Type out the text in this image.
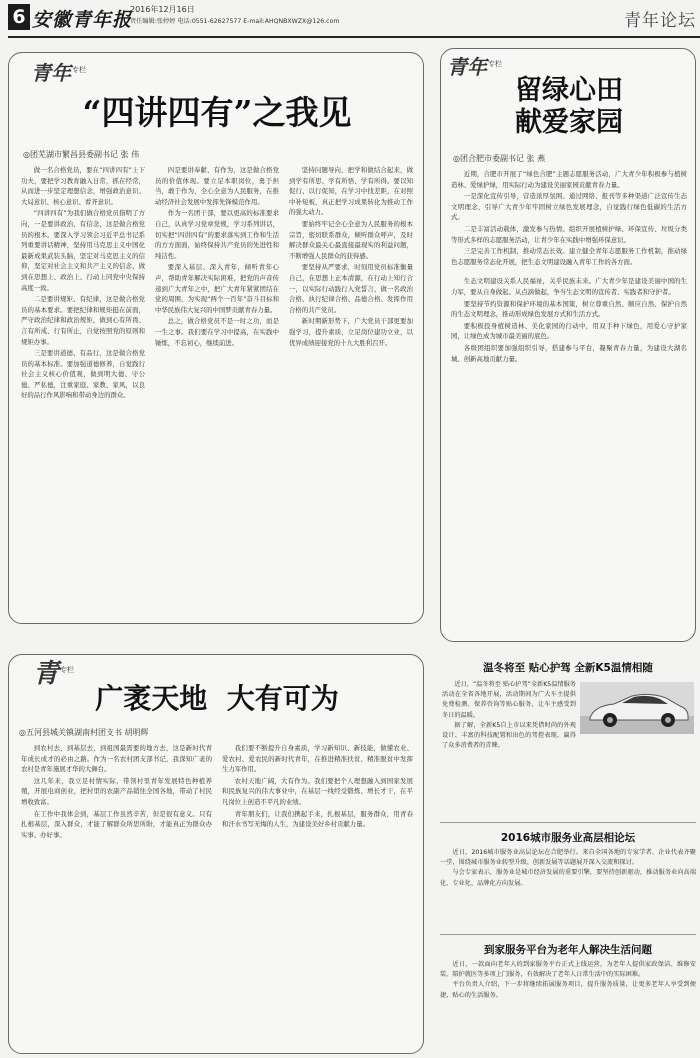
6 安徽青年报
2016年12月16日
责任编辑:张婷婷 电话:0551-62627577 E-mail:AHQNBXWZX@126.com	青年论坛
青年$^{专栏}$
“四讲四有”之我见
◎团芜湖市繁昌县委副书记 张 伟

做一名合格党员，要在“四讲四有”上下功夫，要把学习教育融入日常，抓在经常，从而进一步坚定理想信念，增强政治意识、大局意识、核心意识、看齐意识。

“四讲四有”为我们做合格党员指明了方向，一是要讲政治、有信念，这是做合格党员的根本。要深入学习领会习近平总书记系列重要讲话精神，坚持用马克思主义中国化最新成果武装头脑，坚定对马克思主义的信仰，坚定对社会主义和共产主义的信念，做到在思想上、政治上、行动上同党中央保持高度一致。

二是要讲规矩、有纪律，这是做合格党员的基本要求。要把纪律和规矩挺在前面，严守政治纪律和政治规矩，做到心有所畏、言有所戒、行有所止，自觉按照党的原则和规矩办事。

三是要讲道德、有品行，这是做合格党员的基本标准。要加强道德修养，自觉践行社会主义核心价值观，做到明大德、守公德、严私德，注重家庭、家教、家风，以良好的品行作风影响和带动身边的群众。

四是要讲奉献、有作为，这是做合格党员的价值体现。要立足本职岗位，勇于担当，敢于作为，全心全意为人民服务，在推动经济社会发展中发挥先锋模范作用。

作为一名团干部，要以更高的标准要求自己，认真学习党章党规，学习系列讲话，切实把“四讲四有”的要求落实到工作和生活的方方面面，始终保持共产党员的先进性和纯洁性。

要深入基层、深入青年，倾听青年心声，帮助青年解决实际困难，把党的声音传递到广大青年之中，把广大青年紧紧团结在党的周围，为实现“两个一百年”奋斗目标和中华民族伟大复兴的中国梦贡献青春力量。

总之，做合格党员不是一时之功，而是一生之事。我们要在学习中提高，在实践中锤炼，不忘初心，继续前进。

坚持问题导向，把学和做结合起来，做到学有所思、学有所悟、学有所得。要以知促行、以行促知，在学习中找差距，在对照中补短板，真正把学习成果转化为推动工作的强大动力。

要始终牢记全心全意为人民服务的根本宗旨，密切联系群众，倾听群众呼声，及时解决群众最关心最直接最现实的利益问题，不断增强人民群众的获得感。

要坚持从严要求，时刻用党员标准衡量自己，在思想上正本清源，在行动上知行合一，以实际行动践行入党誓言，做一名政治合格、执行纪律合格、品德合格、发挥作用合格的共产党员。

新时期新形势下，广大党员干部更要加强学习，提升素质，立足岗位建功立业，以优异成绩迎接党的十九大胜利召开。

青年$^{专栏}$
留绿心田
献爱家园
◎团合肥市委副书记 张 燕

近期，合肥市开展了“绿色合肥”主题志愿服务活动，广大青少年积极参与植树造林、爱绿护绿，用实际行动为建设美丽家园贡献青春力量。

一是深化宣传引导，营造浓厚氛围。通过网络、报刊等多种渠道广泛宣传生态文明理念，引导广大青少年牢固树立绿色发展理念，自觉践行绿色低碳的生活方式。

二是丰富活动载体，激发参与热情。组织开展植树护绿、环保宣传、垃圾分类等形式多样的志愿服务活动，让青少年在实践中增强环保意识。

三是完善工作机制，推动常态长效。建立健全青年志愿服务工作机制，推动绿色志愿服务常态化开展，把生态文明建设融入青年工作的各方面。

生态文明建设关系人民福祉，关乎民族未来。广大青少年是建设美丽中国的生力军，要从自身做起、从点滴做起，争当生态文明的宣传者、实践者和守护者。

要坚持节约资源和保护环境的基本国策，树立尊重自然、顺应自然、保护自然的生态文明理念，推动形成绿色发展方式和生活方式。

要积极投身植树造林、美化家园的行动中，用双手种下绿色，用爱心守护家园，让绿色成为城市最美丽的底色。

各级团组织要加强组织引导，搭建参与平台，凝聚青春力量，为建设大湖名城、创新高地贡献力量。

青$^{专栏}$
广袤天地  大有可为
◎五河县城关镇湖南村团支书 胡明辉

到农村去，到基层去，到祖国最需要的地方去，这是新时代青年成长成才的必由之路。作为一名农村团支部书记，我深知广袤的农村是青年施展才华的大舞台。

这几年来，我立足村情实际，带领村里青年发展特色种植养殖，开展电商创业，把村里的农副产品销往全国各地，带动了村民增收致富。

在工作中我体会到，基层工作虽然辛苦，但是很有意义。只有扎根基层，深入群众，才能了解群众所思所盼，才能真正为群众办实事、办好事。

我们要不断提升自身素质，学习新知识、新技能，做懂农业、爱农村、爱农民的新时代青年，在推进精准扶贫、精准脱贫中发挥生力军作用。

农村天地广阔，大有作为。我们要把个人理想融入到国家发展和民族复兴的伟大事业中，在基层一线经受锻炼、增长才干，在平凡岗位上创造不平凡的业绩。

青年朋友们，让我们携起手来，扎根基层，服务群众，用青春和汗水书写无悔的人生，为建设美好乡村贡献力量。

温冬将至 贴心护驾 全新K5温情相随

近日，“温冬将至 贴心护驾”全新K5温情服务活动在全省各地开展，活动期间为广大车主提供免费检测、保养咨询等贴心服务，让车主感受到冬日的温暖。

据了解，全新K5自上市以来凭借时尚的外观设计、丰富的科技配置和出色的驾控表现，赢得了众多消费者的青睐。

2016城市服务业高层相论坛

近日，2016城市服务业高层论坛在合肥举行。来自全国各地的专家学者、企业代表齐聚一堂，围绕城市服务业转型升级、创新发展等话题展开深入交流和探讨。

与会专家表示，服务业是城市经济发展的重要引擎，要坚持创新驱动，推动服务业向高端化、专业化、品牌化方向发展。

到家服务平台为老年人解决生活问题

近日，一款面向老年人的到家服务平台正式上线运营，为老年人提供家政保洁、维修安装、陪护就医等多项上门服务，有效解决了老年人日常生活中的实际困难。

平台负责人介绍，下一步将继续拓展服务项目，提升服务质量，让更多老年人享受到便捷、贴心的生活服务。
